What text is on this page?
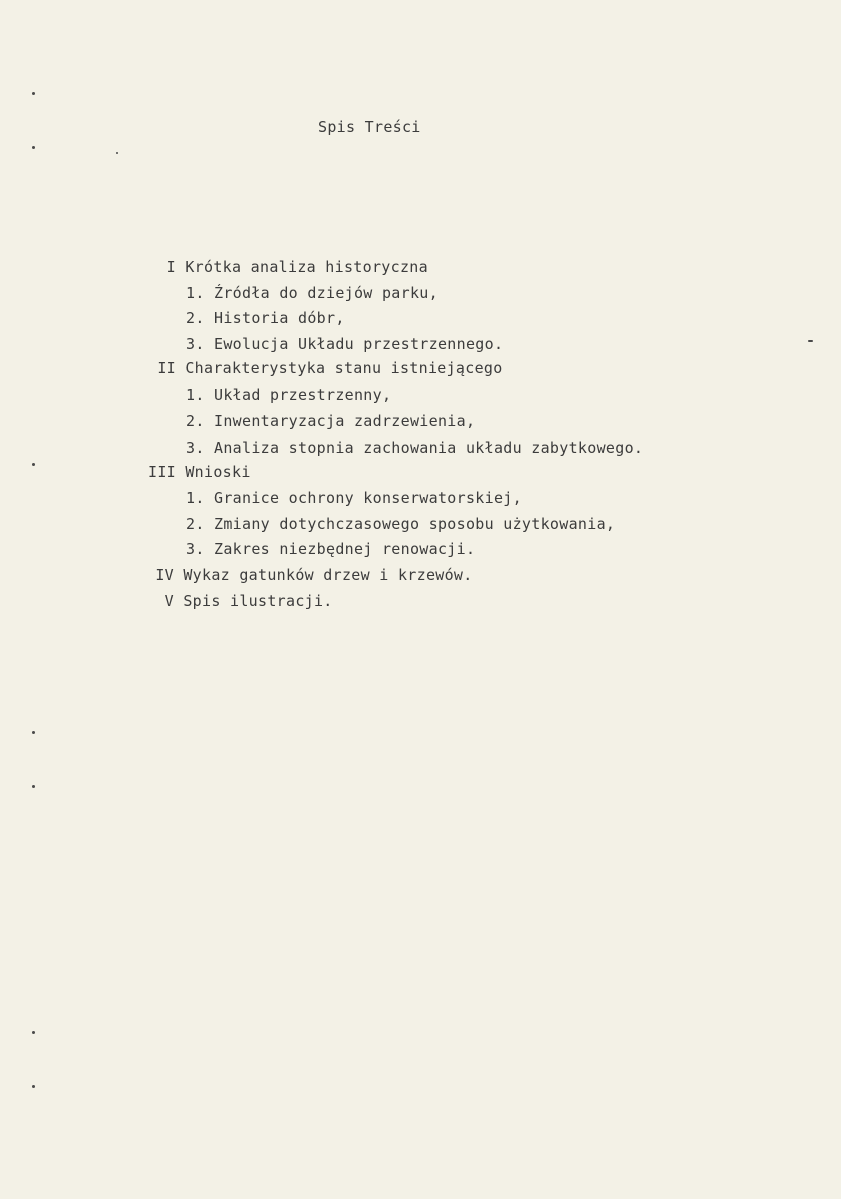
Spis Treści
I Krótka analiza historyczna
1. Źródła do dziejów parku,
2. Historia dóbr,
3. Ewolucja Układu przestrzennego.
II Charakterystyka stanu istniejącego
1. Układ przestrzenny,
2. Inwentaryzacja zadrzewienia,
3. Analiza stopnia zachowania układu zabytkowego.
III Wnioski
1. Granice ochrony konserwatorskiej,
2. Zmiany dotychczasowego sposobu użytkowania,
3. Zakres niezbędnej renowacji.
IV Wykaz gatunków drzew i krzewów.
V Spis ilustracji.
